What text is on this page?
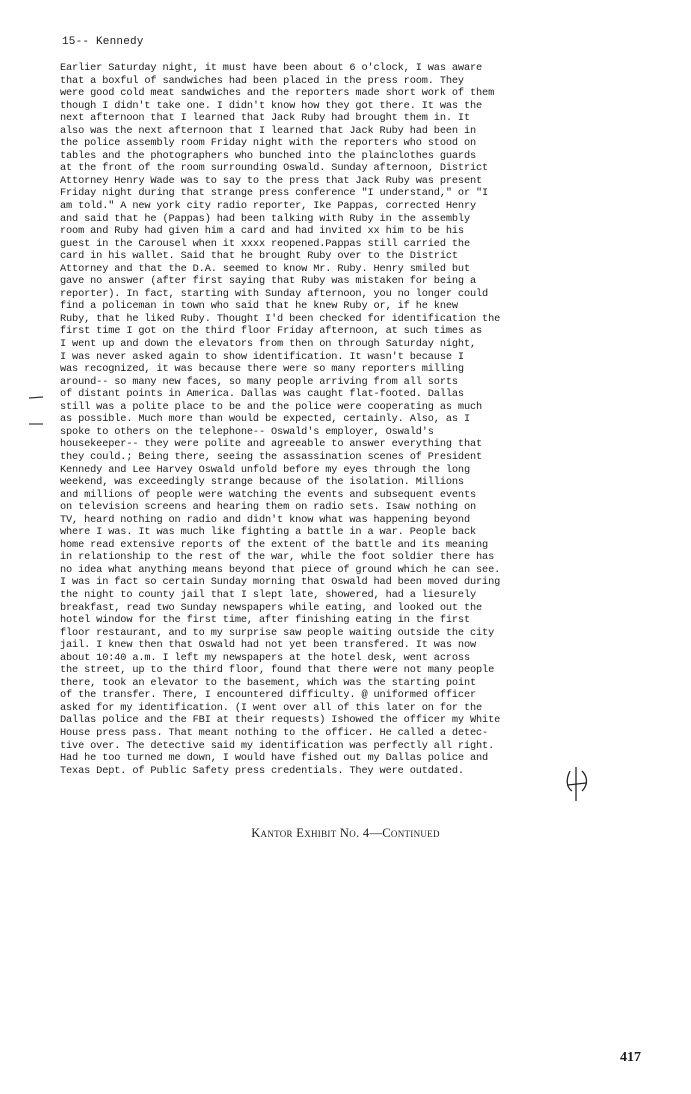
15-- Kennedy
Earlier Saturday night, it must have been about 6 o'clock, I was aware
that a boxful of sandwiches had been placed in the press room. They
were good cold meat sandwiches and the reporters made short work of them
though I didn't take one. I didn't know how they got there. It was the
next afternoon that I learned that Jack Ruby had brought them in. It
also was the next afternoon that I learned that Jack Ruby had been in
the police assembly room Friday night with the reporters who stood on
tables and the photographers who bunched into the plainclothes guards
at the front of the room surrounding Oswald. Sunday afternoon, District
Attorney Henry Wade was to say to the press that Jack Ruby was present
Friday night during that strange press conference "I understand," or "I
am told." A new york city radio reporter, Ike Pappas, corrected Henry
and said that he (Pappas) had been talking with Ruby in the assembly
room and Ruby had given him a card and had invited xx him to be his
guest in the Carousel when it xxxx reopened.Pappas still carried the
card in his wallet. Said that he brought Ruby over to the District
Attorney and that the D.A. seemed to know Mr. Ruby. Henry smiled but
gave no answer (after first saying that Ruby was mistaken for being a
reporter). In fact, starting with Sunday afternoon, you no longer could
find a policeman in town who said that he knew Ruby or, if he knew
Ruby, that he liked Ruby. Thought I'd been checked for identification the
first time I got on the third floor Friday afternoon, at such times as
I went up and down the elevators from then on through Saturday night,
I was never asked again to show identification. It wasn't because I
was recognized, it was because there were so many reporters milling
around-- so many new faces, so many people arriving from all sorts
of distant points in America. Dallas was caught flat-footed. Dallas
still was a polite place to be and the police were cooperating as much
as possible. Much more than would be expected, certainly. Also, as I
spoke to others on the telephone-- Oswald's employer, Oswald's
housekeeper-- they were polite and agreeable to answer everything that
they could.; Being there, seeing the assassination scenes of President
Kennedy and Lee Harvey Oswald unfold before my eyes through the long
weekend, was exceedingly strange because of the isolation. Millions
and millions of people were watching the events and subsequent events
on television screens and hearing them on radio sets. Isaw nothing on
TV, heard nothing on radio and didn't know what was happening beyond
where I was. It was much like fighting a battle in a war. People back
home read extensive reports of the extent of the battle and its meaning
in relationship to the rest of the war, while the foot soldier there has
no idea what anything means beyond that piece of ground which he can see.
I was in fact so certain Sunday morning that Oswald had been moved during
the night to county jail that I slept late, showered, had a liesurely
breakfast, read two Sunday newspapers while eating, and looked out the
hotel window for the first time, after finishing eating in the first
floor restaurant, and to my surprise saw people waiting outside the city
jail. I knew then that Oswald had not yet been transfered. It was now
about 10:40 a.m. I left my newspapers at the hotel desk, went across
the street, up to the third floor, found that there were not many people
there, took an elevator to the basement, which was the starting point
of the transfer. There, I encountered difficulty. @ uniformed officer
asked for my identification. (I went over all of this later on for the
Dallas police and the FBI at their requests) Ishowed the officer my White
House press pass. That meant nothing to the officer. He called a detec-
tive over. The detective said my identification was perfectly all right.
Had he too turned me down, I would have fished out my Dallas police and
Texas Dept. of Public Safety press credentials. They were outdated.
Kantor Exhibit No. 4—Continued
417
